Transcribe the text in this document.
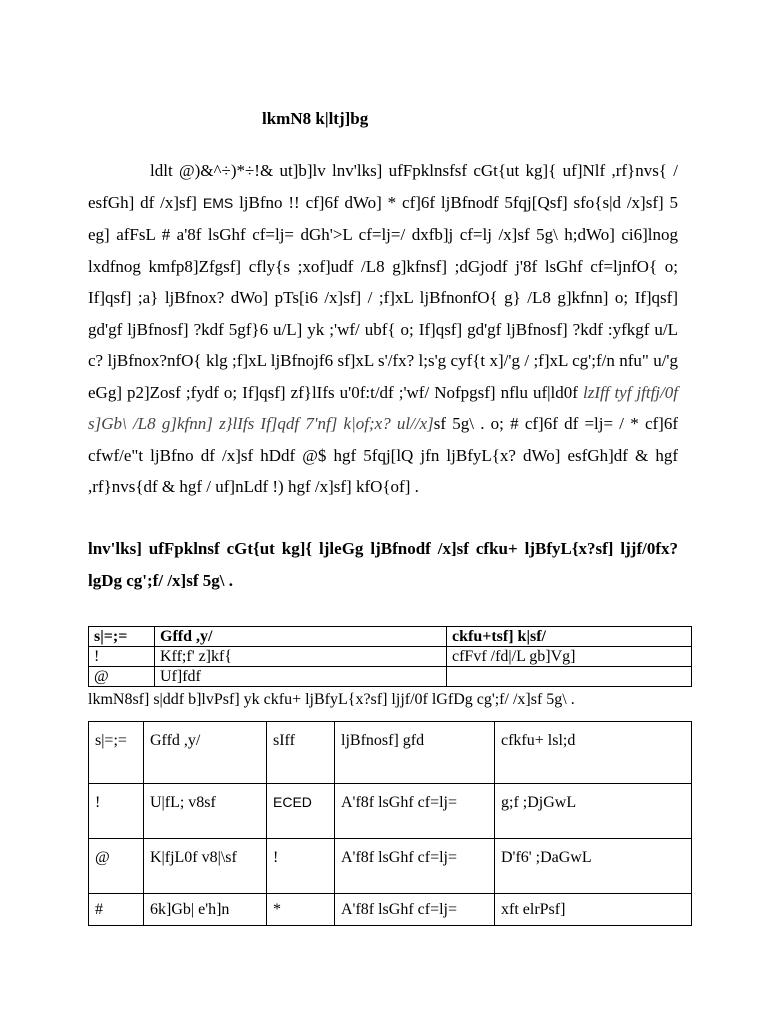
lkmN8 k|ltj]bg

ldlt @)&^÷)*÷!& ut]b]lv lnv'lks] ufFpklnsfsf cGt{ut kg]{ uf]Nlf ,rf}nvs{ / esfGh] df /x]sf] EMS ljBfno !! cf]6f dWo] * cf]6f ljBfnodf 5fqj[Qsf] sfo{s|d /x]sf] 5 eg] afFsL # a'8f lsGhf cf=lj= dGh'>L cf=lj=/ dxfb]j cf=lj /x]sf 5g\ h;dWo] ci6]lnog lxdfnog kmfp8]Zfgsf] cfly{s ;xof]udf /L8 g]kfnsf] ;dGjodf j'8f lsGhf cf=ljnfO{ o; If]qsf] ;a} ljBfnox? dWo] pTs[i6 /x]sf] / ;f]xL ljBfnonfO{ g} /L8 g]kfnn] o; If]qsf] gd'gf ljBfnosf] ?kdf 5gf}6 u/L] yk ;'wf/ ubf{ o; If]qsf] gd'gf ljBfnosf] ?kdf :yfkgf u/L c? ljBfnox?nfO{ klg ;f]xL ljBfnojf6 sf]xL s'/fx? l;s'g cyf{t x]/'g / ;f]xL cg';f/n nfu" u/'g eGg] p2]Zosf ;fydf o; If]qsf] zf}lIfs u'0f:t/df ;'wf/ Nofpgsf] nflu uf|ld0f lzIff tyf jftfj/0f s]Gb\ /L8 g]kfnn] z}lIfs If]qdf 7'nf] k|of;x? ul//x]sf 5g\ . o; # cf]6f df =lj= / * cf]6f cfwf/e"t ljBfno df /x]sf hDdf @$ hgf 5fqj[lQ jfn ljBfyL{x? dWo] esfGh]df & hgf ,rf}nvs{df & hgf / uf]nLdf !) hgf /x]sf] kfO{of] .

lnv'lks] ufFpklnsf cGt{ut kg]{ ljleGg ljBfnodf /x]sf cfku+ ljBfyL{x?sf] ljjf/0fx? lgDg cg';f/ /x]sf 5g\ .

s|=;=	Gffd ,y/	ckfu+tsf] k|sf/
!	Kff;f' z]kf{	cfFvf /fd|/L gb]Vg]
@	Uf]fdf	

lkmN8sf] s|ddf b]lvPsf] yk ckfu+ ljBfyL{x?sf] ljjf/0f lGfDg cg';f/ /x]sf 5g\ .

s|=;=	Gffd ,y/	sIff	ljBfnosf] gfd	cfkfu+ lsl;d
!	U|fL; v8sf	ECED	A'f8f lsGhf cf=lj=	g;f ;DjGwL
@	K|fjL0f v8|\sf	!	A'f8f lsGhf cf=lj=	D'f6' ;DaGwL
#	6k]Gb| e'h]n	*	A'f8f lsGhf cf=lj=	xft elrPsf]
